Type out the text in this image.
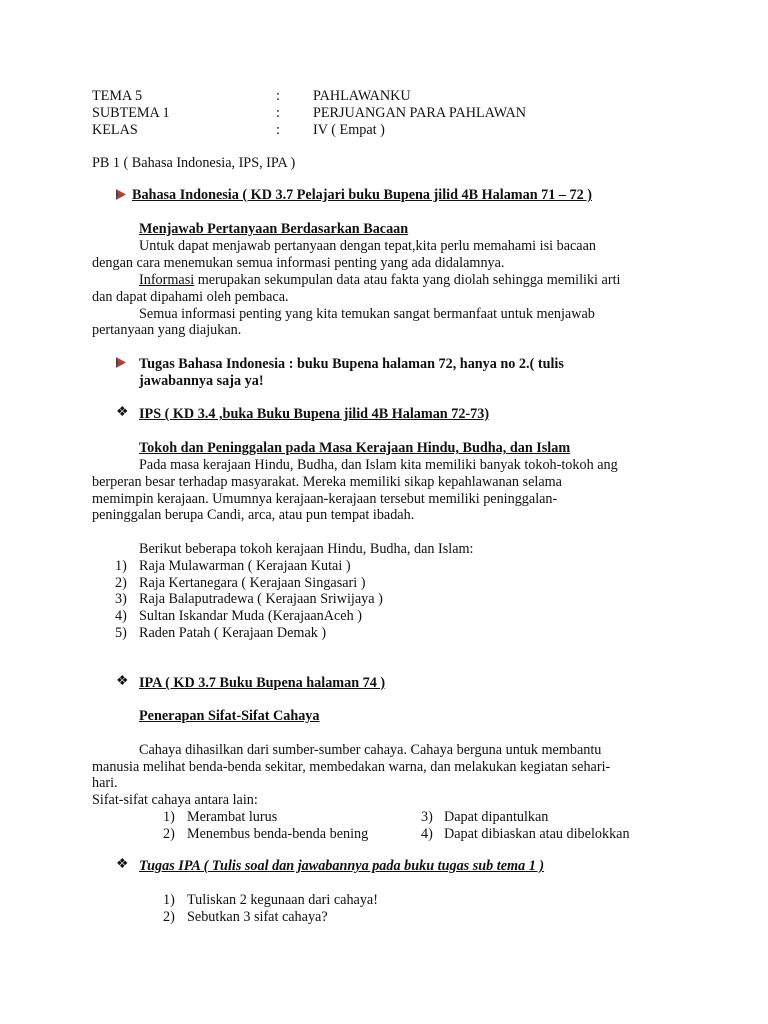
TEMA 5	: PAHLAWANKU
SUBTEMA 1	: PERJUANGAN PARA PAHLAWAN
KELAS	: IV ( Empat )
PB 1 ( Bahasa Indonesia, IPS, IPA )
Bahasa Indonesia ( KD 3.7 Pelajari buku Bupena jilid 4B Halaman 71 – 72 )
Menjawab Pertanyaan Berdasarkan Bacaan
Untuk dapat menjawab pertanyaan dengan tepat,kita perlu memahami isi bacaan
dengan cara menemukan semua informasi penting yang ada didalamnya.
Informasi merupakan sekumpulan data atau fakta yang diolah sehingga memiliki arti
dan dapat dipahami oleh pembaca.
Semua informasi penting yang kita temukan sangat bermanfaat untuk menjawab
pertanyaan yang diajukan.
Tugas Bahasa Indonesia : buku Bupena halaman 72, hanya no 2.( tulis
jawabannya saja ya!
❖ IPS ( KD 3.4 ,buka Buku Bupena jilid 4B Halaman 72-73)
Tokoh dan Peninggalan pada Masa Kerajaan Hindu, Budha, dan Islam
Pada masa kerajaan Hindu, Budha, dan Islam kita memiliki banyak tokoh-tokoh ang
berperan besar terhadap masyarakat. Mereka memiliki sikap kepahlawanan selama
memimpin kerajaan. Umumnya kerajaan-kerajaan tersebut memiliki peninggalan-
peninggalan berupa Candi, arca, atau pun tempat ibadah.
Berikut beberapa tokoh kerajaan Hindu, Budha, dan Islam:
1) Raja Mulawarman ( Kerajaan Kutai )
2) Raja Kertanegara ( Kerajaan Singasari )
3) Raja Balaputradewa ( Kerajaan Sriwijaya )
4) Sultan Iskandar Muda (KerajaanAceh )
5) Raden Patah ( Kerajaan Demak )
❖ IPA ( KD 3.7 Buku Bupena halaman 74 )
Penerapan Sifat-Sifat Cahaya
Cahaya dihasilkan dari sumber-sumber cahaya. Cahaya berguna untuk membantu
manusia melihat benda-benda sekitar, membedakan warna, dan melakukan kegiatan sehari-
hari.
Sifat-sifat cahaya antara lain:
1) Merambat lurus
2) Menembus benda-benda bening
3) Dapat dipantulkan
4) Dapat dibiaskan atau dibelokkan
❖ Tugas IPA ( Tulis soal dan jawabannya pada buku tugas sub tema 1 )
1) Tuliskan 2 kegunaan dari cahaya!
2) Sebutkan 3 sifat cahaya?
